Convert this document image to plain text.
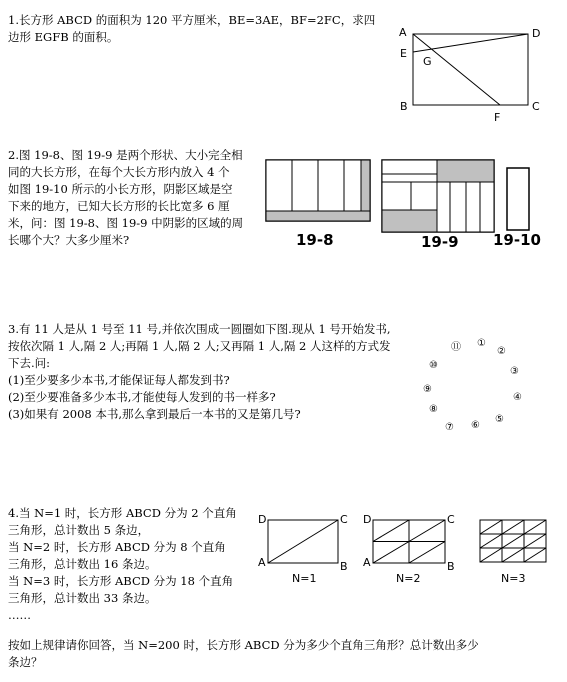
1.长方形 ABCD 的面积为 120 平方厘米，BE=3AE，BF=2FC，求四
边形 EGFB 的面积。	A	D
E
G
B	C
F
2.图 19-8、图 19-9 是两个形状、大小完全相
同的大长方形，在每个大长方形内放入 4 个
如图 19-10 所示的小长方形，阴影区域是空
下来的地方，已知大长方形的长比宽多 6 厘
米，问：图 19-8、图 19-9 中阴影的区域的周
长哪个大？大多少厘米?	19-8	19-9 19-10
3.有 11 人是从 1 号至 11 号,并依次围成一圆圈如下图.现从 1 号开始发书,
按依次隔 1 人,隔 2 人;再隔 1 人,隔 2 人;又再隔 1 人,隔 2 人这样的方式发
下去.问:
(1)至少要多少本书,才能保证每人都发到书?
(2)至少要准备多少本书,才能使每人发到的书一样多?
(3)如果有 2008 本书,那么拿到最后一本书的又是第几号?
①
②
③
④
⑤
⑥
⑦
⑧
⑨
⑩
⑪
4.当 N=1 时，长方形 ABCD 分为 2 个直角
三角形，总计数出 5 条边，
当 N=2 时，长方形 ABCD 分为 8 个直角
三角形，总计数出 16 条边。
当 N=3 时，长方形 ABCD 分为 18 个直角
三角形，总计数出 33 条边。
……
按如上规律请你回答，当 N=200 时，长方形 ABCD 分为多少个直角三角形？总计数出多少
条边？
D	C
A	B
N=1
D	C
A	B
N=2	N=3
